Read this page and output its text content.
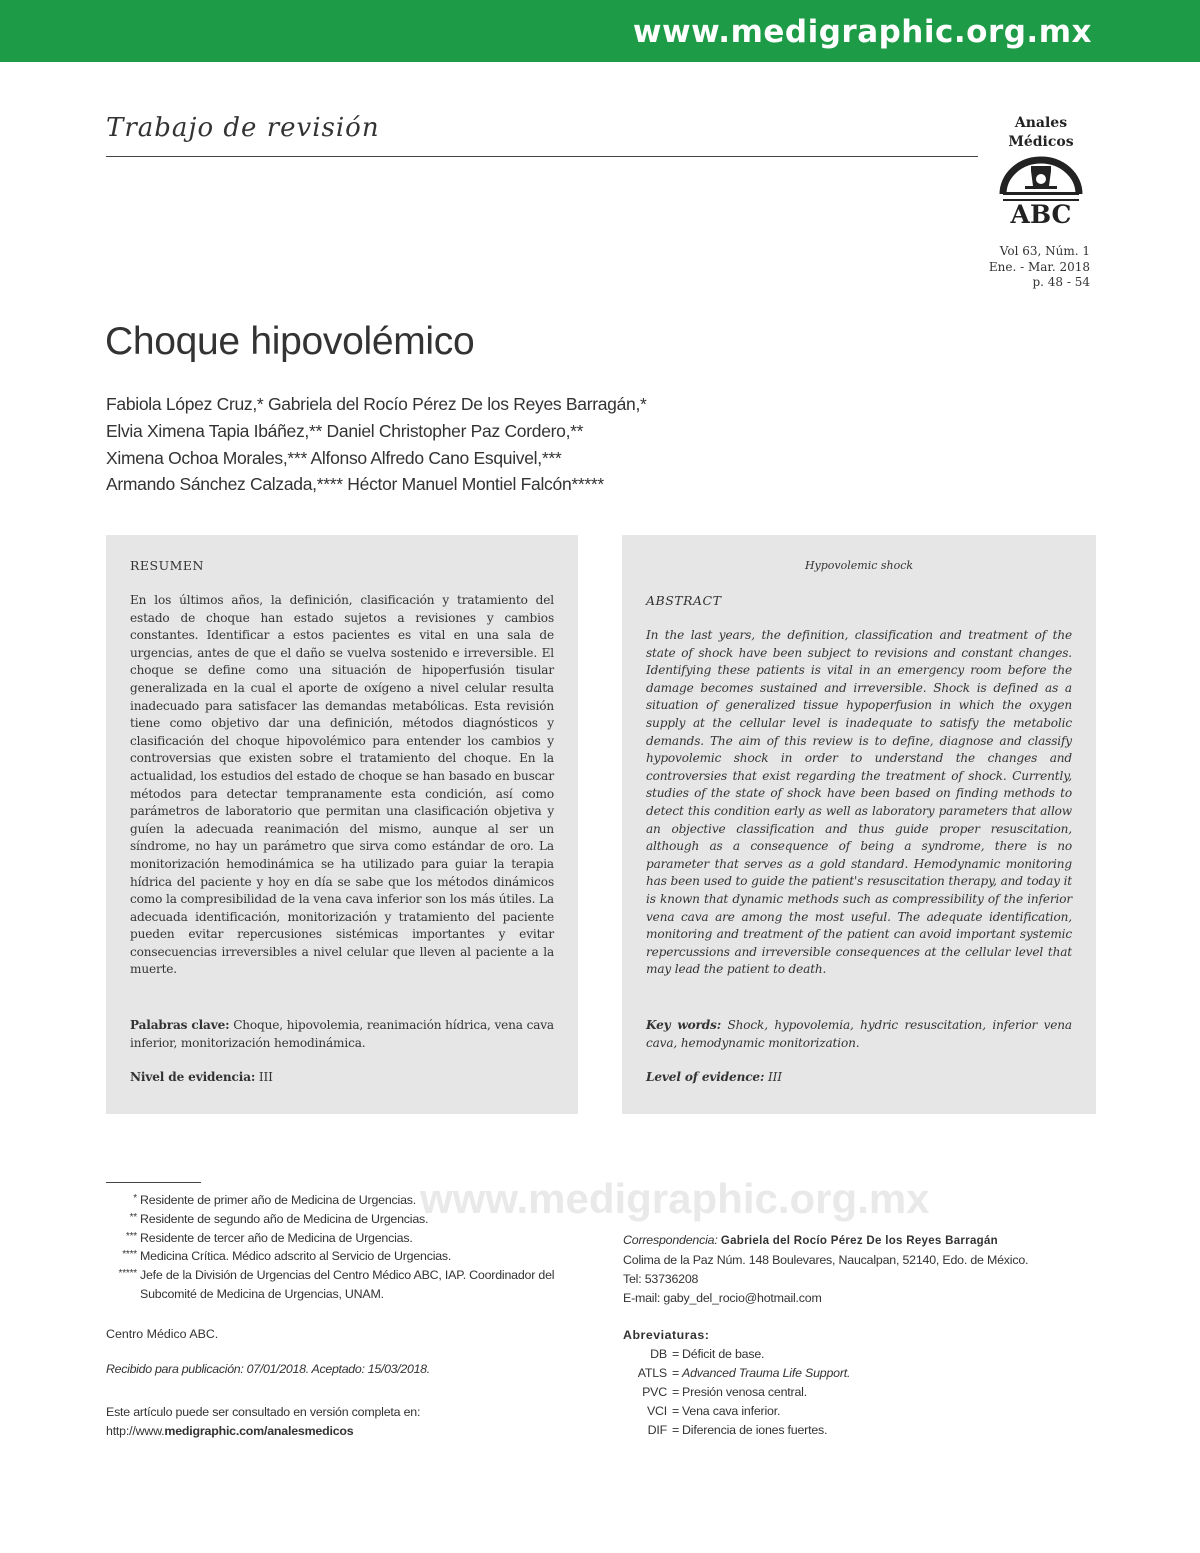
www.medigraphic.org.mx
Trabajo de revisión	Anales
Médicos
ABC
Vol 63, Núm. 1
Ene. - Mar. 2018
p. 48 - 54
Choque hipovolémico
Fabiola López Cruz,* Gabriela del Rocío Pérez De los Reyes Barragán,*
Elvia Ximena Tapia Ibáñez,** Daniel Christopher Paz Cordero,**
Ximena Ochoa Morales,*** Alfonso Alfredo Cano Esquivel,***
Armando Sánchez Calzada,**** Héctor Manuel Montiel Falcón*****
RESUMEN
En los últimos años, la definición, clasificación y tratamiento del estado de choque han estado sujetos a revisiones y cambios constantes. Identificar a estos pacientes es vital en una sala de urgencias, antes de que el daño se vuelva sostenido e irreversible. El choque se define como una situación de hipoperfusión tisular generalizada en la cual el aporte de oxígeno a nivel celular resulta inadecuado para satisfacer las demandas metabólicas. Esta revisión tiene como objetivo dar una definición, métodos diagnósticos y clasificación del choque hipovolémico para entender los cambios y controversias que existen sobre el tratamiento del choque. En la actualidad, los estudios del estado de choque se han basado en buscar métodos para detectar tempranamente esta condición, así como parámetros de laboratorio que permitan una clasificación objetiva y guíen la adecuada reanimación del mismo, aunque al ser un síndrome, no hay un parámetro que sirva como estándar de oro. La monitorización hemodinámica se ha utilizado para guiar la terapia hídrica del paciente y hoy en día se sabe que los métodos dinámicos como la compresibilidad de la vena cava inferior son los más útiles. La adecuada identificación, monitorización y tratamiento del paciente pueden evitar repercusiones sistémicas importantes y evitar consecuencias irreversibles a nivel celular que lleven al paciente a la muerte.
Palabras clave: Choque, hipovolemia, reanimación hídrica, vena cava inferior, monitorización hemodinámica.
Nivel de evidencia: III
Hypovolemic shock
ABSTRACT
In the last years, the definition, classification and treatment of the state of shock have been subject to revisions and constant changes. Identifying these patients is vital in an emergency room before the damage becomes sustained and irreversible. Shock is defined as a situation of generalized tissue hypoperfusion in which the oxygen supply at the cellular level is inadequate to satisfy the metabolic demands. The aim of this review is to define, diagnose and classify hypovolemic shock in order to understand the changes and controversies that exist regarding the treatment of shock. Currently, studies of the state of shock have been based on finding methods to detect this condition early as well as laboratory parameters that allow an objective classification and thus guide proper resuscitation, although as a consequence of being a syndrome, there is no parameter that serves as a gold standard. Hemodynamic monitoring has been used to guide the patient's resuscitation therapy, and today it is known that dynamic methods such as compressibility of the inferior vena cava are among the most useful. The adequate identification, monitoring and treatment of the patient can avoid important systemic repercussions and irreversible consequences at the cellular level that may lead the patient to death.
Key words: Shock, hypovolemia, hydric resuscitation, inferior vena cava, hemodynamic monitorization.
Level of evidence: III
www.medigraphic.org.mx
* Residente de primer año de Medicina de Urgencias.
** Residente de segundo año de Medicina de Urgencias.
*** Residente de tercer año de Medicina de Urgencias.
**** Medicina Crítica. Médico adscrito al Servicio de Urgencias.
***** Jefe de la División de Urgencias del Centro Médico ABC, IAP. Coordinador del Subcomité de Medicina de Urgencias, UNAM.
Centro Médico ABC.
Recibido para publicación: 07/01/2018. Aceptado: 15/03/2018.
Este artículo puede ser consultado en versión completa en:
http://www.medigraphic.com/analesmedicos
Correspondencia: Gabriela del Rocío Pérez De los Reyes Barragán
Colima de la Paz Núm. 148 Boulevares, Naucalpan, 52140, Edo. de México.
Tel: 53736208
E-mail: gaby_del_rocio@hotmail.com
Abreviaturas:
DB = Déficit de base.
ATLS = Advanced Trauma Life Support.
PVC = Presión venosa central.
VCI = Vena cava inferior.
DIF = Diferencia de iones fuertes.
